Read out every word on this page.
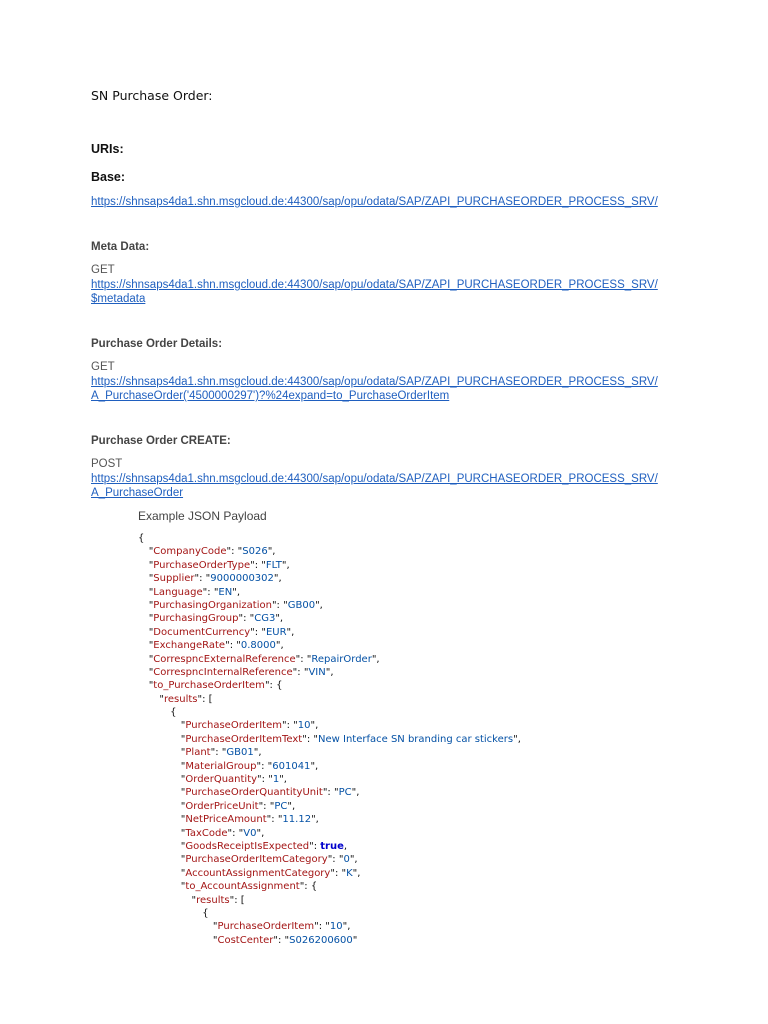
SN Purchase Order:
URIs:
Base:
https://shnsaps4da1.shn.msgcloud.de:44300/sap/opu/odata/SAP/ZAPI_PURCHASEORDER_PROCESS_SRV/
Meta Data:
GET
https://shnsaps4da1.shn.msgcloud.de:44300/sap/opu/odata/SAP/ZAPI_PURCHASEORDER_PROCESS_SRV/
$metadata
Purchase Order Details:
GET
https://shnsaps4da1.shn.msgcloud.de:44300/sap/opu/odata/SAP/ZAPI_PURCHASEORDER_PROCESS_SRV/
A_PurchaseOrder('4500000297')?%24expand=to_PurchaseOrderItem
Purchase Order CREATE:
POST
https://shnsaps4da1.shn.msgcloud.de:44300/sap/opu/odata/SAP/ZAPI_PURCHASEORDER_PROCESS_SRV/
A_PurchaseOrder
Example JSON Payload
{
"CompanyCode": "S026",
"PurchaseOrderType": "FLT",
"Supplier": "9000000302",
"Language": "EN",
"PurchasingOrganization": "GB00",
"PurchasingGroup": "CG3",
"DocumentCurrency": "EUR",
"ExchangeRate": "0.8000",
"CorrespncExternalReference": "RepairOrder",
"CorrespncInternalReference": "VIN",
"to_PurchaseOrderItem": {
"results": [
{
"PurchaseOrderItem": "10",
"PurchaseOrderItemText": "New Interface SN branding car stickers",
"Plant": "GB01",
"MaterialGroup": "601041",
"OrderQuantity": "1",
"PurchaseOrderQuantityUnit": "PC",
"OrderPriceUnit": "PC",
"NetPriceAmount": "11.12",
"TaxCode": "V0",
"GoodsReceiptIsExpected": true,
"PurchaseOrderItemCategory": "0",
"AccountAssignmentCategory": "K",
"to_AccountAssignment": {
"results": [
{
"PurchaseOrderItem": "10",
"CostCenter": "S026200600"
